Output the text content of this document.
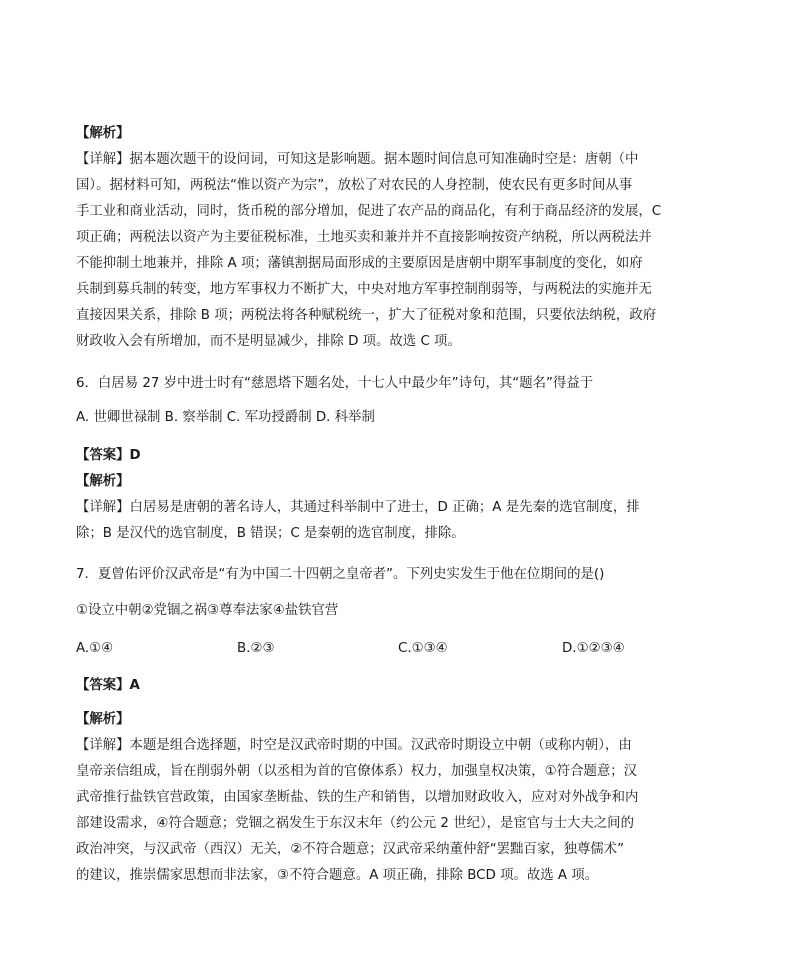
【解析】
【详解】据本题次题干的设问词，可知这是影响题。据本题时间信息可知准确时空是：唐朝（中
国）。据材料可知，两税法“惟以资产为宗”，放松了对农民的人身控制，使农民有更多时间从事
手工业和商业活动，同时，货币税的部分增加，促进了农产品的商品化，有利于商品经济的发展，C
项正确；两税法以资产为主要征税标准，土地买卖和兼并并不直接影响按资产纳税，所以两税法并
不能抑制土地兼并，排除 A 项；藩镇割据局面形成的主要原因是唐朝中期军事制度的变化，如府
兵制到募兵制的转变，地方军事权力不断扩大，中央对地方军事控制削弱等，与两税法的实施并无
直接因果关系，排除 B 项；两税法将各种赋税统一，扩大了征税对象和范围，只要依法纳税，政府
财政收入会有所增加，而不是明显减少，排除 D 项。故选 C 项。
6．白居易 27 岁中进士时有“慈恩塔下题名处，十七人中最少年”诗句，其“题名”得益于
A. 世卿世禄制 B. 察举制 C. 军功授爵制 D. 科举制
【答案】D
【解析】
【详解】白居易是唐朝的著名诗人，其通过科举制中了进士，D 正确；A 是先秦的选官制度，排
除；B 是汉代的选官制度，B 错误；C 是秦朝的选官制度，排除。
7．夏曾佑评价汉武帝是“有为中国二十四朝之皇帝者”。下列史实发生于他在位期间的是()
①设立中朝②党锢之祸③尊奉法家④盐铁官营
A.①④	B.②③	C.①③④	D.①②③④
【答案】A
【解析】
【详解】本题是组合选择题，时空是汉武帝时期的中国。汉武帝时期设立中朝（或称内朝），由
皇帝亲信组成，旨在削弱外朝（以丞相为首的官僚体系）权力，加强皇权决策，①符合题意；汉
武帝推行盐铁官营政策，由国家垄断盐、铁的生产和销售，以增加财政收入，应对对外战争和内
部建设需求，④符合题意；党锢之祸发生于东汉末年（约公元 2 世纪），是宦官与士大夫之间的
政治冲突，与汉武帝（西汉）无关，②不符合题意；汉武帝采纳董仲舒“罢黜百家，独尊儒术”
的建议，推崇儒家思想而非法家，③不符合题意。A 项正确，排除 BCD 项。故选 A 项。
